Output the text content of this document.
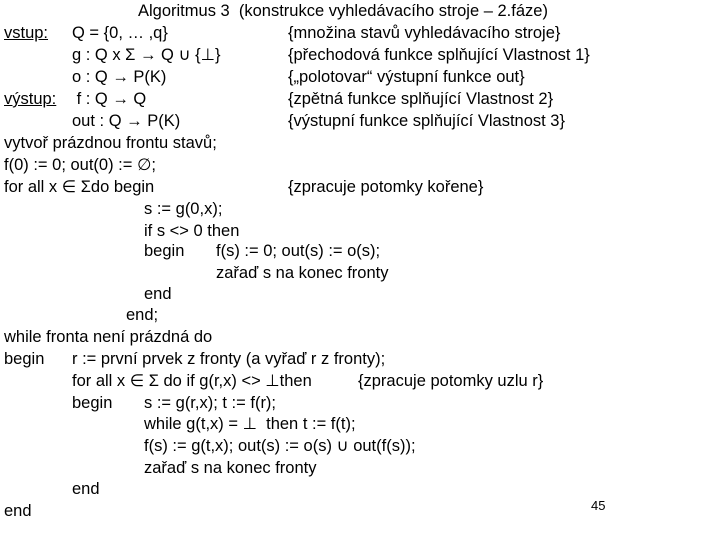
Algoritmus 3  (konstrukce vyhledávacího stroje – 2.fáze)
vstup: Q = {0, … ,q}	{množina stavů vyhledávacího stroje}
g : Q x Σ → Q ∪ {⊥}	{přechodová funkce splňující Vlastnost 1}
o : Q → P(K)	{„polotovar“ výstupní funkce out}
výstup: f : Q → Q	{zpětná funkce splňující Vlastnost 2}
out : Q → P(K)	{výstupní funkce splňující Vlastnost 3}
vytvoř prázdnou frontu stavů;
f(0) := 0; out(0) := ∅;
for all x ∈ Σdo begin	{zpracuje potomky kořene}
s := g(0,x);
if s <> 0 then
begin f(s) := 0; out(s) := o(s);
zařaď s na konec fronty
end
end;
while fronta není prázdná do
begin r := první prvek z fronty (a vyřaď r z fronty);
for all x ∈ Σ do if g(r,x) <> ⊥then	{zpracuje potomky uzlu r}
begin s := g(r,x); t := f(r);
while g(t,x) = ⊥  then t := f(t);
f(s) := g(t,x); out(s) := o(s) ∪ out(f(s));
zařaď s na konec fronty
end
end	45
